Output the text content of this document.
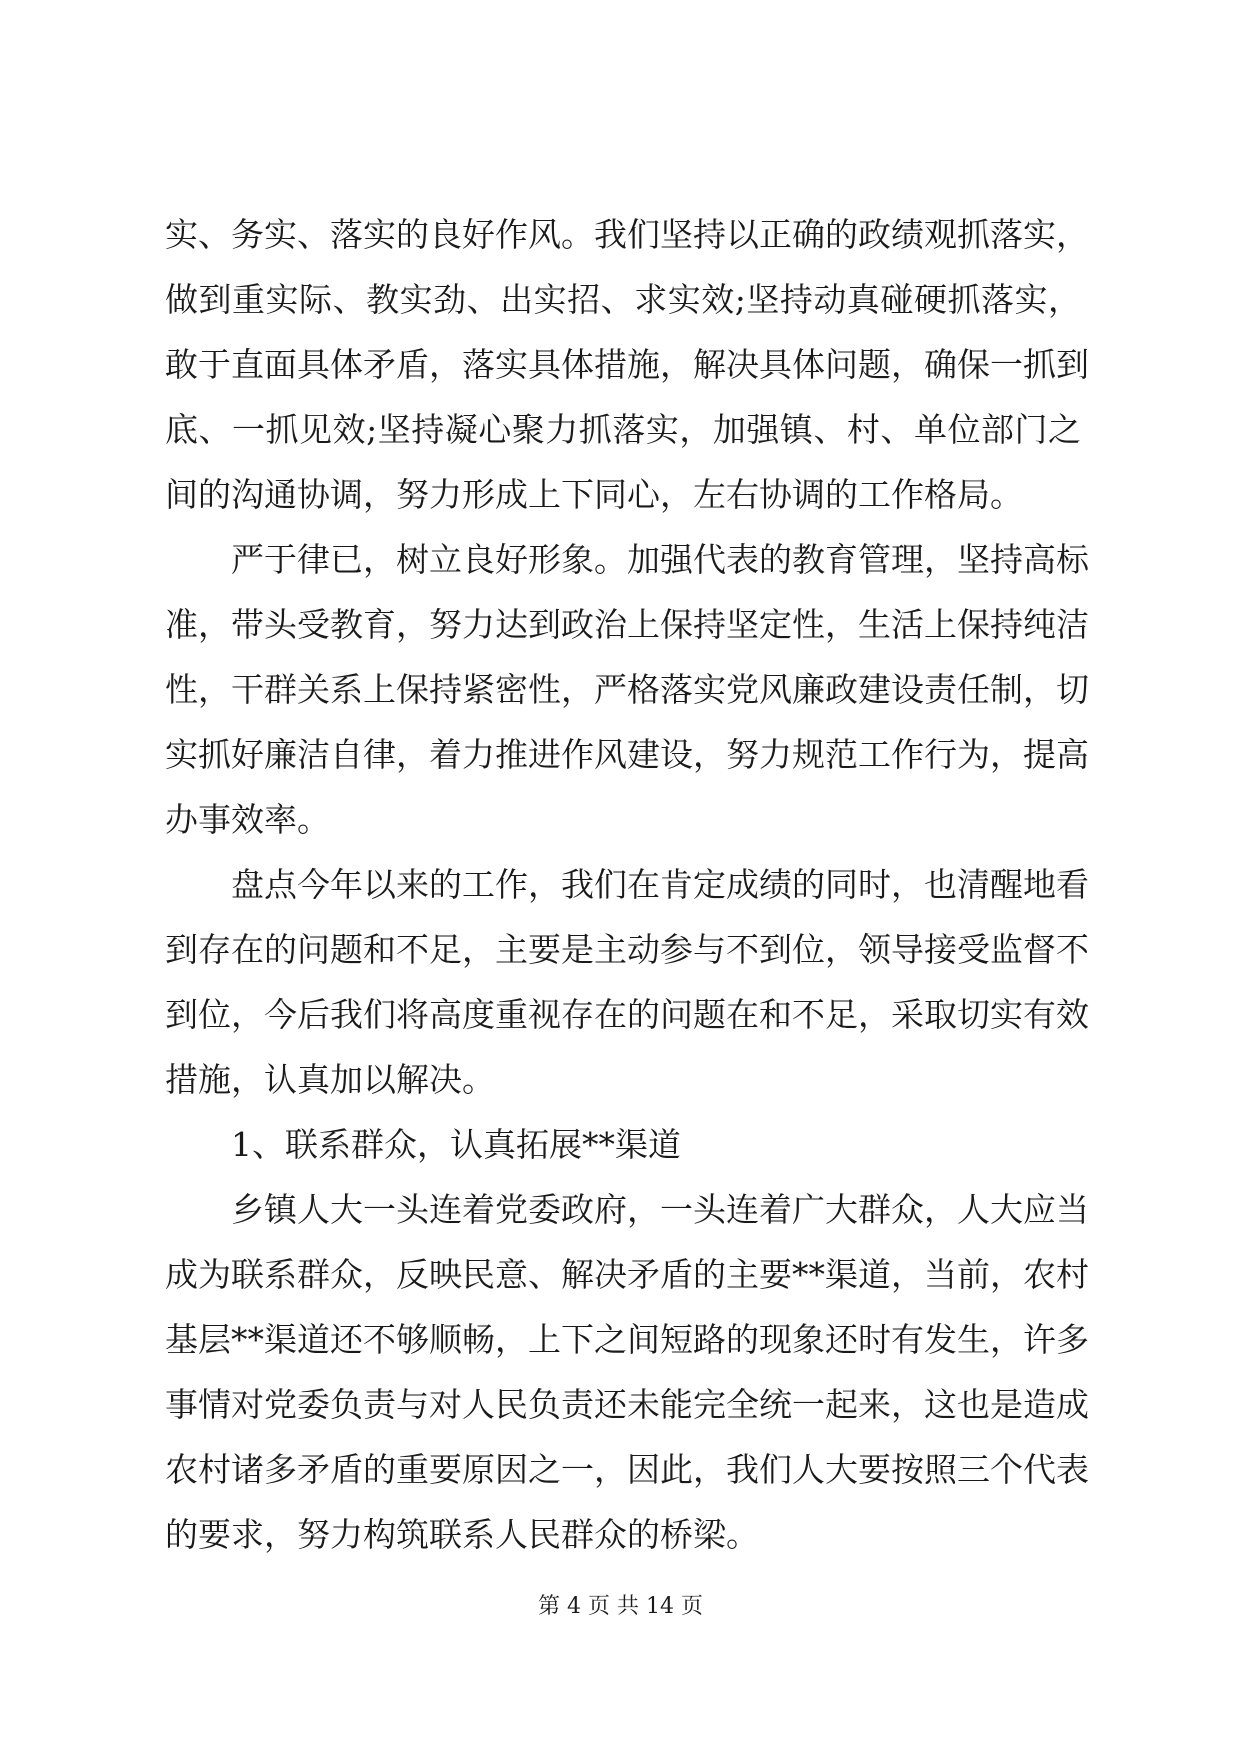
实、务实、落实的良好作风。我们坚持以正确的政绩观抓落实，
做到重实际、教实劲、出实招、求实效;坚持动真碰硬抓落实，
敢于直面具体矛盾，落实具体措施，解决具体问题，确保一抓到
底、一抓见效;坚持凝心聚力抓落实，加强镇、村、单位部门之
间的沟通协调，努力形成上下同心，左右协调的工作格局。
严于律已，树立良好形象。加强代表的教育管理，坚持高标
准，带头受教育，努力达到政治上保持坚定性，生活上保持纯洁
性，干群关系上保持紧密性，严格落实党风廉政建设责任制，切
实抓好廉洁自律，着力推进作风建设，努力规范工作行为，提高
办事效率。
盘点今年以来的工作，我们在肯定成绩的同时，也清醒地看
到存在的问题和不足，主要是主动参与不到位，领导接受监督不
到位，今后我们将高度重视存在的问题在和不足，采取切实有效
措施，认真加以解决。
1、联系群众，认真拓展**渠道
乡镇人大一头连着党委政府，一头连着广大群众，人大应当
成为联系群众，反映民意、解决矛盾的主要**渠道，当前，农村
基层**渠道还不够顺畅，上下之间短路的现象还时有发生，许多
事情对党委负责与对人民负责还未能完全统一起来，这也是造成
农村诸多矛盾的重要原因之一，因此，我们人大要按照三个代表
的要求，努力构筑联系人民群众的桥梁。
第 4 页 共 14 页
